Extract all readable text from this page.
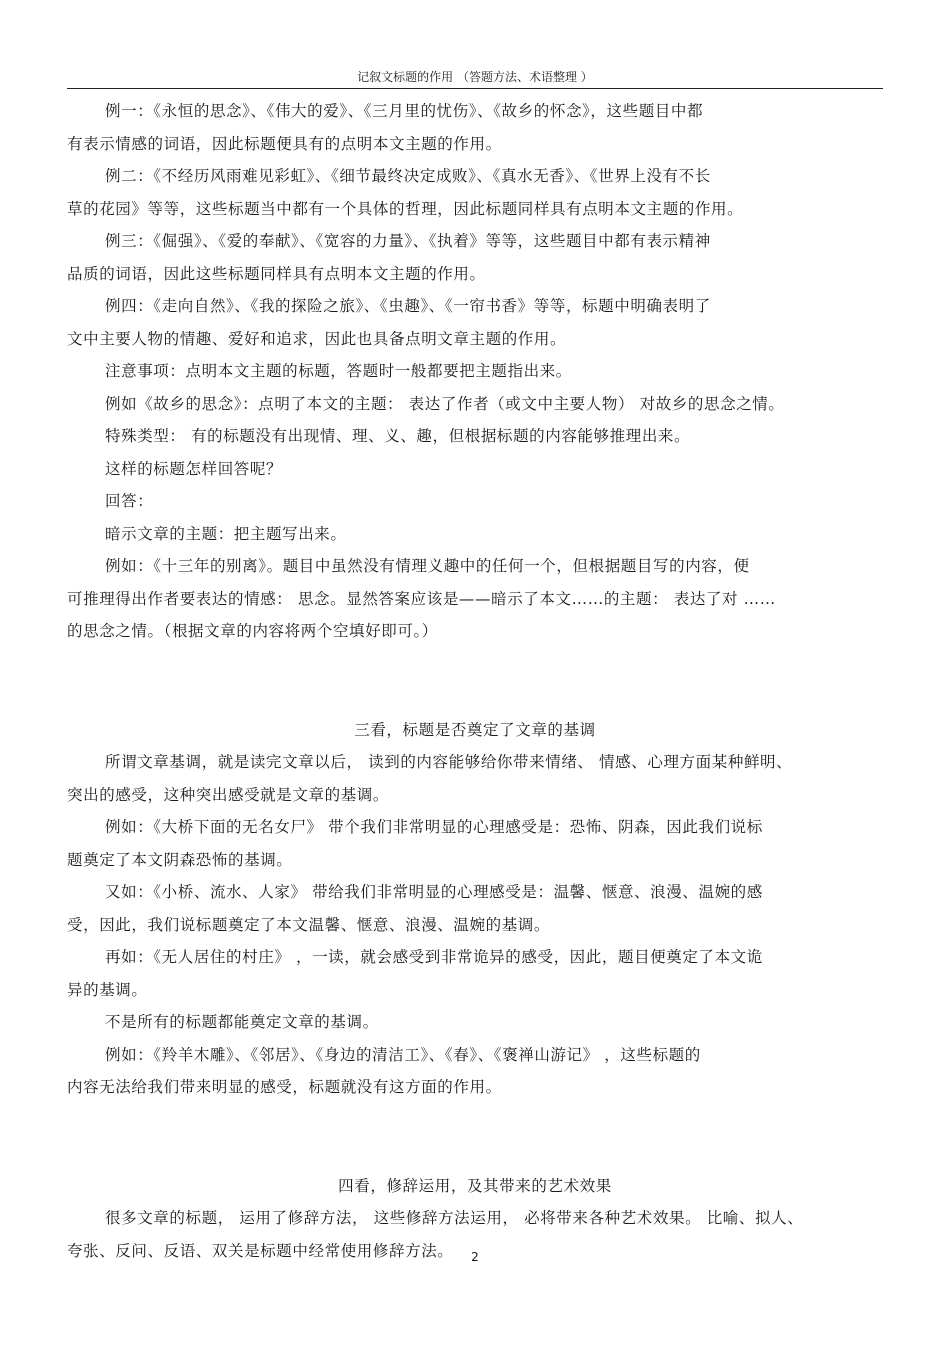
记叙文标题的作用 （答题方法、术语整理 ）

例一：《永恒的思念》、《伟大的爱》、《三月里的忧伤》、《故乡的怀念》，这些题目中都

有表示情感的词语，因此标题便具有的点明本文主题的作用。

例二：《不经历风雨难见彩虹》、《细节最终决定成败》、《真水无香》、《世界上没有不长

草的花园》等等，这些标题当中都有一个具体的哲理，因此标题同样具有点明本文主题的作用。

例三：《倔强》、《爱的奉献》、《宽容的力量》、《执着》等等，这些题目中都有表示精神

品质的词语，因此这些标题同样具有点明本文主题的作用。

例四：《走向自然》、《我的探险之旅》、《虫趣》、《一帘书香》等等，标题中明确表明了

文中主要人物的情趣、爱好和追求，因此也具备点明文章主题的作用。

注意事项：点明本文主题的标题，答题时一般都要把主题指出来。

例如《故乡的思念》：点明了本文的主题： 表达了作者（或文中主要人物） 对故乡的思念之情。

特殊类型： 有的标题没有出现情、理、义、趣，但根据标题的内容能够推理出来。

这样的标题怎样回答呢？

回答：

暗示文章的主题：把主题写出来。

例如：《十三年的别离》。题目中虽然没有情理义趣中的任何一个，但根据题目写的内容，便

可推理得出作者要表达的情感： 思念。显然答案应该是——暗示了本文……的主题： 表达了对 ……

的思念之情。（根据文章的内容将两个空填好即可。）

三看，标题是否奠定了文章的基调

所谓文章基调，就是读完文章以后， 读到的内容能够给你带来情绪、 情感、心理方面某种鲜明、

突出的感受，这种突出感受就是文章的基调。

例如：《大桥下面的无名女尸》 带个我们非常明显的心理感受是：恐怖、阴森，因此我们说标

题奠定了本文阴森恐怖的基调。

又如：《小桥、流水、人家》 带给我们非常明显的心理感受是：温馨、惬意、浪漫、温婉的感

受，因此，我们说标题奠定了本文温馨、惬意、浪漫、温婉的基调。

再如：《无人居住的村庄》 ，一读，就会感受到非常诡异的感受，因此，题目便奠定了本文诡

异的基调。

不是所有的标题都能奠定文章的基调。

例如：《羚羊木雕》、《邻居》、《身边的清洁工》、《春》、《褒禅山游记》 ，这些标题的

内容无法给我们带来明显的感受，标题就没有这方面的作用。

四看，修辞运用，及其带来的艺术效果

很多文章的标题， 运用了修辞方法， 这些修辞方法运用， 必将带来各种艺术效果。 比喻、拟人、

夸张、反问、反语、双关是标题中经常使用修辞方法。	2
